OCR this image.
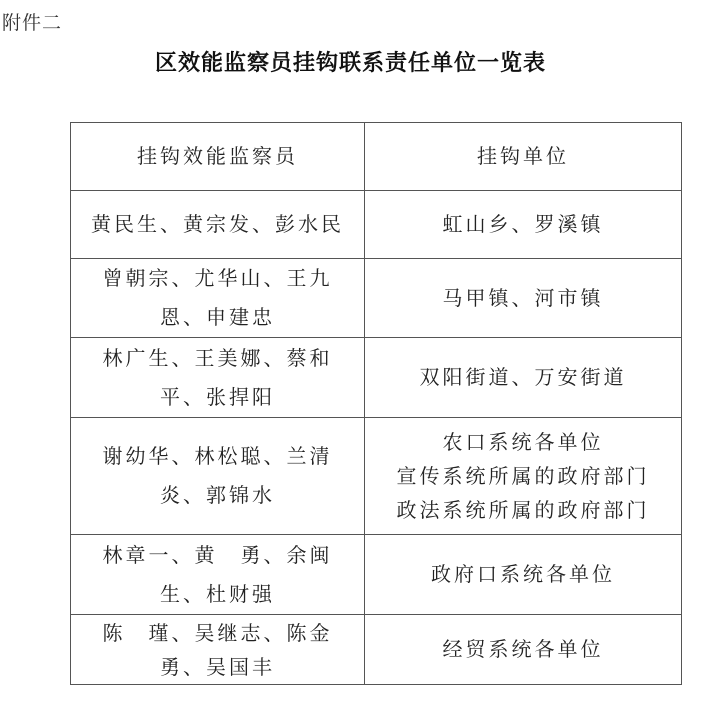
附件二
区效能监察员挂钩联系责任单位一览表
挂钩效能监察员	挂钩单位

黄民生、黄宗发、彭水民	虹山乡、罗溪镇

曾朝宗、尤华山、王九
恩、申建忠	马甲镇、河市镇

林广生、王美娜、蔡和
平、张捍阳	双阳街道、万安街道

谢幼华、林松聪、兰清
炎、郭锦水	农口系统各单位
宣传系统所属的政府部门
政法系统所属的政府部门

林章一、黄　勇、余闽
生、杜财强	政府口系统各单位

陈　瑾、吴继志、陈金
勇、吴国丰	经贸系统各单位
